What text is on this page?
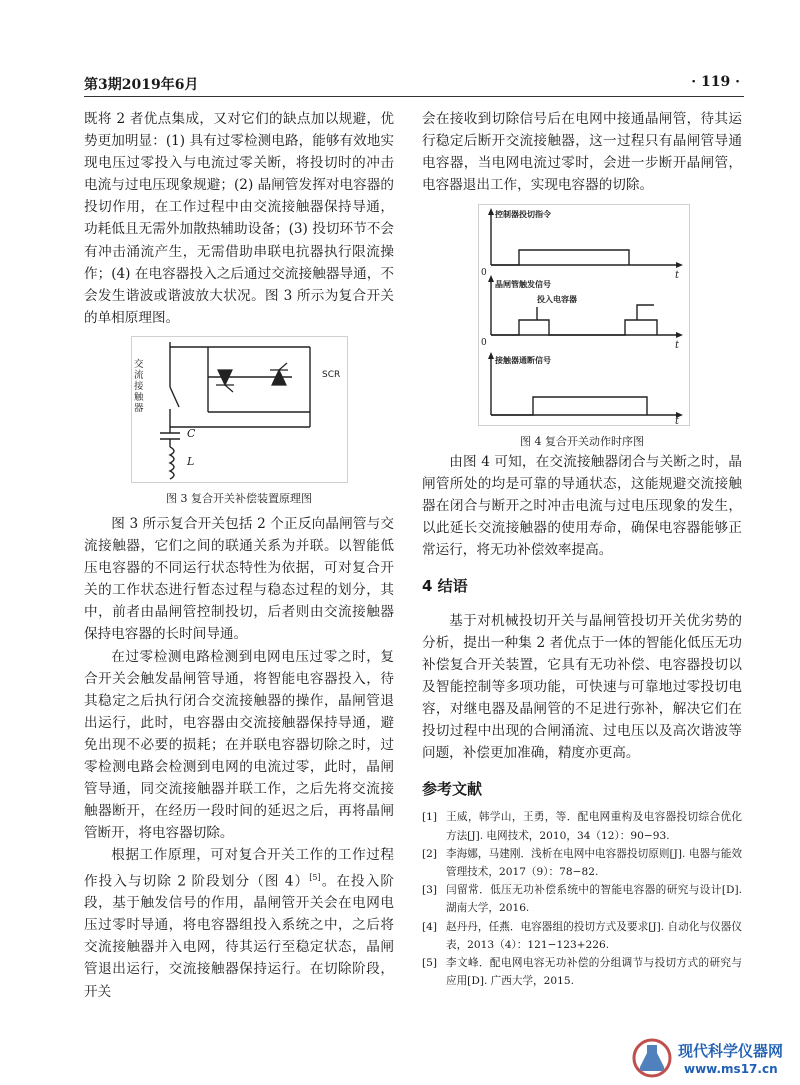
第3期2019年6月	· 119 ·

既将 2 者优点集成，又对它们的缺点加以规避，优势更加明显：(1) 具有过零检测电路，能够有效地实现电压过零投入与电流过零关断，将投切时的冲击电流与过电压现象规避；(2) 晶闸管发挥对电容器的投切作用，在工作过程中由交流接触器保持导通，功耗低且无需外加散热辅助设备；(3) 投切环节不会有冲击涌流产生，无需借助串联电抗器执行限流操作；(4) 在电容器投入之后通过交流接触器导通，不会发生谐波或谐波放大状况。图 3 所示为复合开关的单相原理图。

SCR
C
L
交流接触器

图 3 复合开关补偿装置原理图

图 3 所示复合开关包括 2 个正反向晶闸管与交流接触器，它们之间的联通关系为并联。以智能低压电容器的不同运行状态特性为依据，可对复合开关的工作状态进行暂态过程与稳态过程的划分，其中，前者由晶闸管控制投切，后者则由交流接触器保持电容器的长时间导通。

在过零检测电路检测到电网电压过零之时，复合开关会触发晶闸管导通，将智能电容器投入，待其稳定之后执行闭合交流接触器的操作，晶闸管退出运行，此时，电容器由交流接触器保持导通，避免出现不必要的损耗；在并联电容器切除之时，过零检测电路会检测到电网的电流过零，此时，晶闸管导通，同交流接触器并联工作，之后先将交流接触器断开，在经历一段时间的延迟之后，再将晶闸管断开，将电容器切除。

根据工作原理，可对复合开关工作的工作过程作投入与切除 2 阶段划分（图 4）[5]。在投入阶段，基于触发信号的作用，晶闸管开关会在电网电压过零时导通，将电容器组投入系统之中，之后将交流接触器并入电网，待其运行至稳定状态，晶闸管退出运行，交流接触器保持运行。在切除阶段，开关

会在接收到切除信号后在电网中接通晶闸管，待其运行稳定后断开交流接触器，这一过程只有晶闸管导通电容器，当电网电流过零时，会进一步断开晶闸管，电容器退出工作，实现电容器的切除。

控制器投切指令
晶闸管触发信号
投入电容器
接触器通断信号
t
t
t
0
0

图 4 复合开关动作时序图

由图 4 可知，在交流接触器闭合与关断之时，晶闸管所处的均是可靠的导通状态，这能规避交流接触器在闭合与断开之时冲击电流与过电压现象的发生，以此延长交流接触器的使用寿命，确保电容器能够正常运行，将无功补偿效率提高。

4 结语

基于对机械投切开关与晶闸管投切开关优劣势的分析，提出一种集 2 者优点于一体的智能化低压无功补偿复合开关装置，它具有无功补偿、电容器投切以及智能控制等多项功能，可快速与可靠地过零投切电容，对继电器及晶闸管的不足进行弥补，解决它们在投切过程中出现的合闸涌流、过电压以及高次谐波等问题，补偿更加准确，精度亦更高。

参考文献

[1] 王威，韩学山，王勇，等．配电网重构及电容器投切综合优化方法[J]. 电网技术，2010，34（12）：90−93.
[2] 李海娜，马建刚．浅析在电网中电容器投切原则[J]. 电器与能效管理技术，2017（9）：78−82.
[3] 闫留常．低压无功补偿系统中的智能电容器的研究与设计[D]. 湖南大学，2016.
[4] 赵丹丹，任燕．电容器组的投切方式及要求[J]. 自动化与仪器仪表，2013（4）：121−123+226.
[5] 李文峰．配电网电容无功补偿的分组调节与投切方式的研究与应用[D]. 广西大学，2015.
现代科学仪器网
www.ms17.cn
